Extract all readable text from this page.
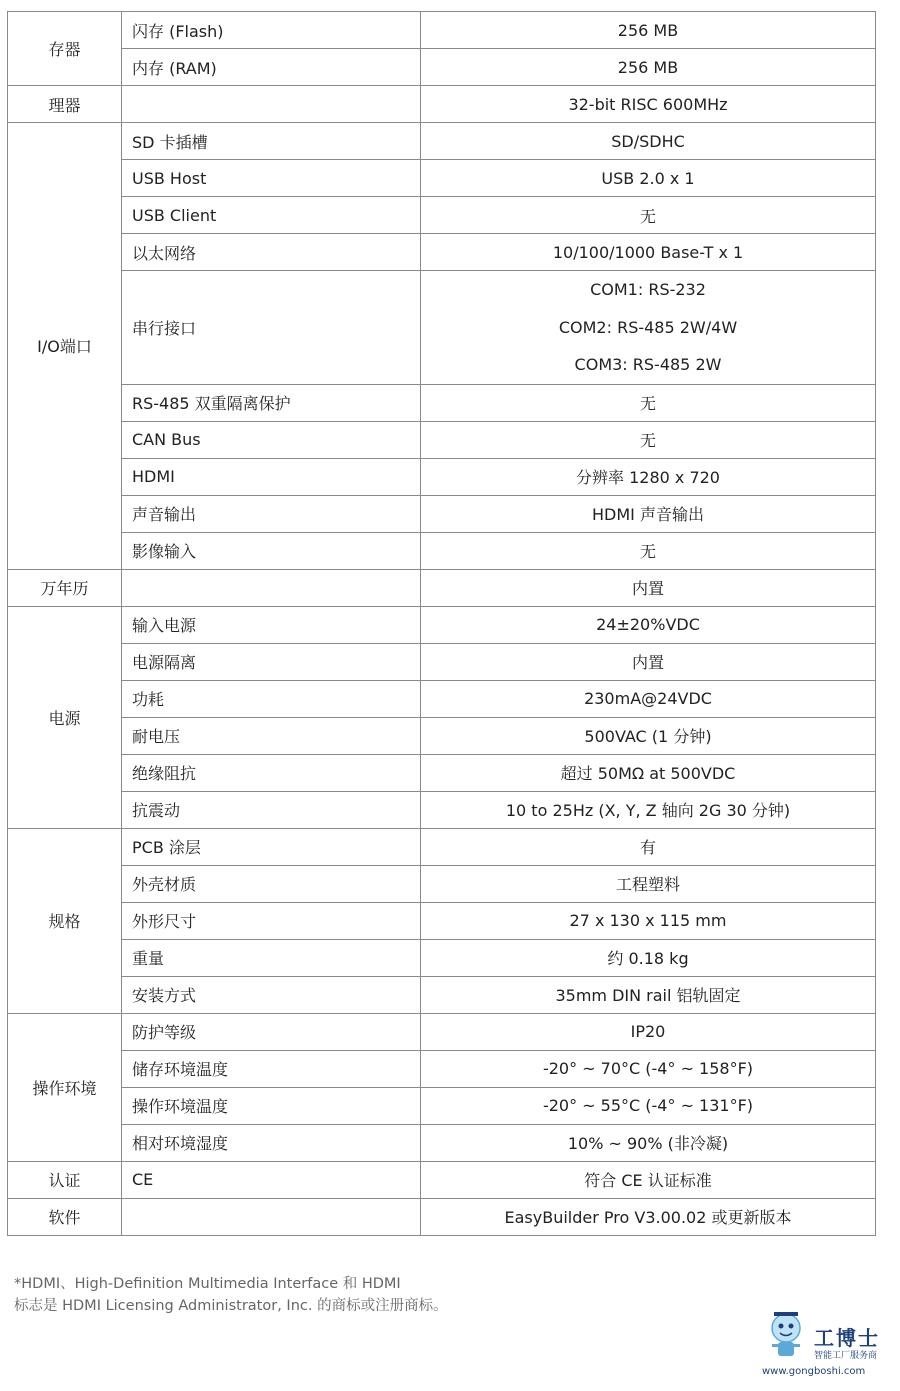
存器	闪存 (Flash)	256 MB
	内存 (RAM)	256 MB
理器		32-bit RISC 600MHz
I/O端口	SD 卡插槽	SD/SDHC
	USB Host	USB 2.0 x 1
	USB Client	无
	以太网络	10/100/1000 Base-T x 1
	串行接口	COM1: RS-232
COM2: RS-485 2W/4W
COM3: RS-485 2W

	RS-485 双重隔离保护	无
	CAN Bus	无
	HDMI	分辨率 1280 x 720
	声音输出	HDMI 声音输出
	影像输入	无
万年历		内置
电源	输入电源	24±20%VDC
	电源隔离	内置
	功耗	230mA@24VDC
	耐电压	500VAC (1 分钟)
	绝缘阻抗	超过 50MΩ at 500VDC
	抗震动	10 to 25Hz (X, Y, Z 轴向 2G 30 分钟)
规格	PCB 涂层	有
	外壳材质	工程塑料
	外形尺寸	27 x 130 x 115 mm
	重量	约 0.18 kg
	安装方式	35mm DIN rail 铝轨固定
操作环境	防护等级	IP20
	储存环境温度	-20° ~ 70°C (-4° ~ 158°F)
	操作环境温度	-20° ~ 55°C (-4° ~ 131°F)
	相对环境湿度	10% ~ 90% (非冷凝)
认证	CE	符合 CE 认证标准
软件		EasyBuilder Pro V3.00.02 或更新版本
*HDMI、High-Definition Multimedia Interface 和 HDMI
标志是 HDMI Licensing Administrator, Inc. 的商标或注册商标。
工博士
智能工厂服务商
www.gongboshi.com
